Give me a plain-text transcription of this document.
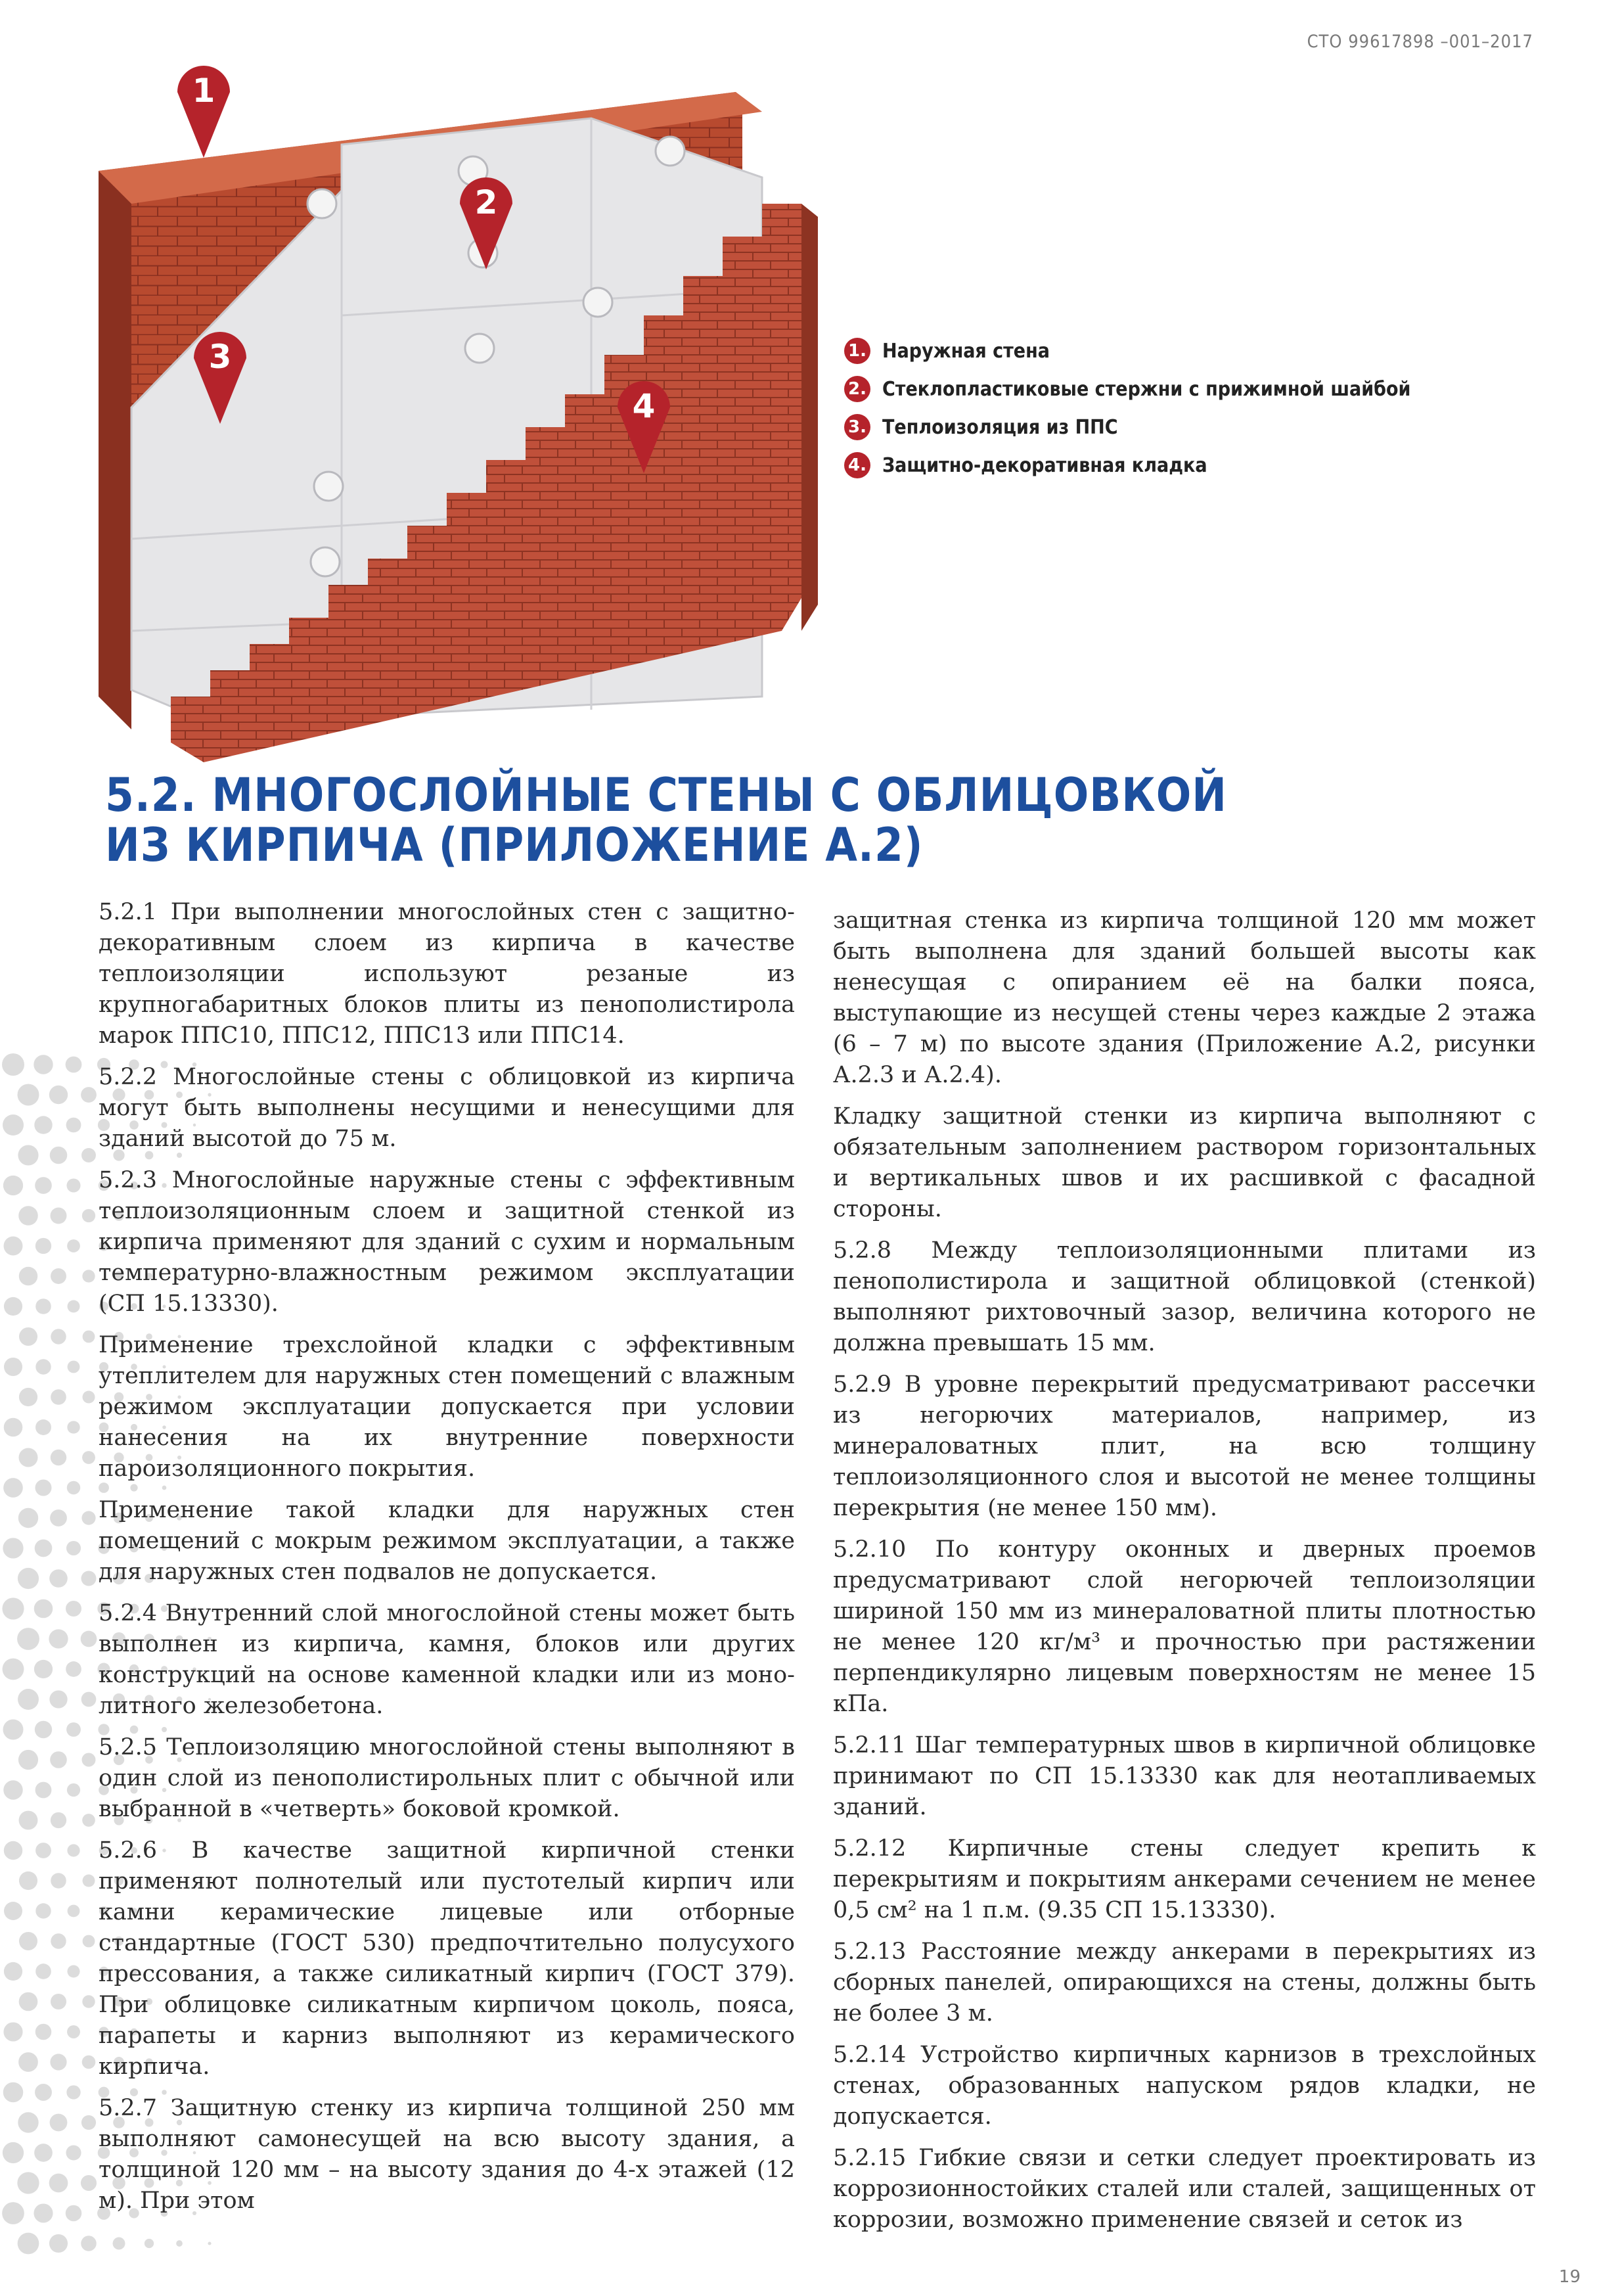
СТО 99617898 –001–2017
1
2
3
4
1. Наружная стена
2. Стеклопластиковые стержни с прижимной шайбой
3. Теплоизоляция из ППС
4. Защитно-декоративная кладка
5.2. МНОГОСЛОЙНЫЕ СТЕНЫ С ОБЛИЦОВКОЙ
ИЗ КИРПИЧА (ПРИЛОЖЕНИЕ А.2)

5.2.1 При выполнении многослойных стен с защитно-декоративным слоем из кирпича в качестве теплоизоляции используют резаные из крупногабаритных блоков плиты из пенополистирола марок ППС10, ППС12, ППС13 или ППС14.

5.2.2 Многослойные стены с облицовкой из кирпича могут быть выполнены несущими и ненесущими для зданий высотой до 75 м.

5.2.3 Многослойные наружные стены с эффективным теплоизоляционным слоем и защитной стенкой из кирпича применяют для зданий с сухим и нормальным температурно-влажностным режимом эксплуатации (СП 15.13330).

Применение трехслойной кладки с эффективным утеплителем для наружных стен помещений с влажным режимом эксплуатации допускается при условии нанесения на их внутренние поверхности пароизоляционного покрытия.

Применение такой кладки для наружных стен помещений с мокрым режимом эксплуатации, а также для наружных стен подвалов не допускается.

5.2.4 Внутренний слой многослойной стены может быть выполнен из кирпича, камня, блоков или других конструкций на основе каменной кладки или из моно-литного железобетона.

5.2.5 Теплоизоляцию многослойной стены выполняют в один слой из пенополистирольных плит с обычной или выбранной в «четверть» боковой кромкой.

5.2.6 В качестве защитной кирпичной стенки применяют полнотелый или пустотелый кирпич или камни керамические лицевые или отборные стандартные (ГОСТ 530) предпочтительно полусухого прессования, а также силикатный кирпич (ГОСТ 379). При облицовке силикатным кирпичом цоколь, пояса, парапеты и карниз выполняют из керамического кирпича.

5.2.7 Защитную стенку из кирпича толщиной 250 мм выполняют самонесущей на всю высоту здания, а толщиной 120 мм – на высоту здания до 4-х этажей (12 м). При этом

защитная стенка из кирпича толщиной 120 мм может быть выполнена для зданий большей высоты как ненесущая с опиранием её на балки пояса, выступающие из несущей стены через каждые 2 этажа (6 – 7 м) по высоте здания (Приложение А.2, рисунки А.2.3 и А.2.4).

Кладку защитной стенки из кирпича выполняют с обязательным заполнением раствором горизонтальных и вертикальных швов и их расшивкой с фасадной стороны.

5.2.8 Между теплоизоляционными плитами из пенополистирола и защитной облицовкой (стенкой) выполняют рихтовочный зазор, величина которого не должна превышать 15 мм.

5.2.9 В уровне перекрытий предусматривают рассечки из негорючих материалов, например, из минераловатных плит, на всю толщину теплоизоляционного слоя и высотой не менее толщины перекрытия (не менее 150 мм).

5.2.10 По контуру оконных и дверных проемов предусматривают слой негорючей теплоизоляции шириной 150 мм из минераловатной плиты плотностью не менее 120 кг/м³ и прочностью при растяжении перпендикулярно лицевым поверхностям не менее 15 кПа.

5.2.11 Шаг температурных швов в кирпичной облицовке принимают по СП 15.13330 как для неотапливаемых зданий.

5.2.12 Кирпичные стены следует крепить к перекрытиям и покрытиям анкерами сечением не менее 0,5 см² на 1 п.м. (9.35 СП 15.13330).

5.2.13 Расстояние между анкерами в перекрытиях из сборных панелей, опирающихся на стены, должны быть не более 3 м.

5.2.14 Устройство кирпичных карнизов в трехслойных стенах, образованных напуском рядов кладки, не допускается.

5.2.15 Гибкие связи и сетки следует проектировать из коррозионностойких сталей или сталей, защищенных от коррозии, возможно применение связей и сеток из

19
